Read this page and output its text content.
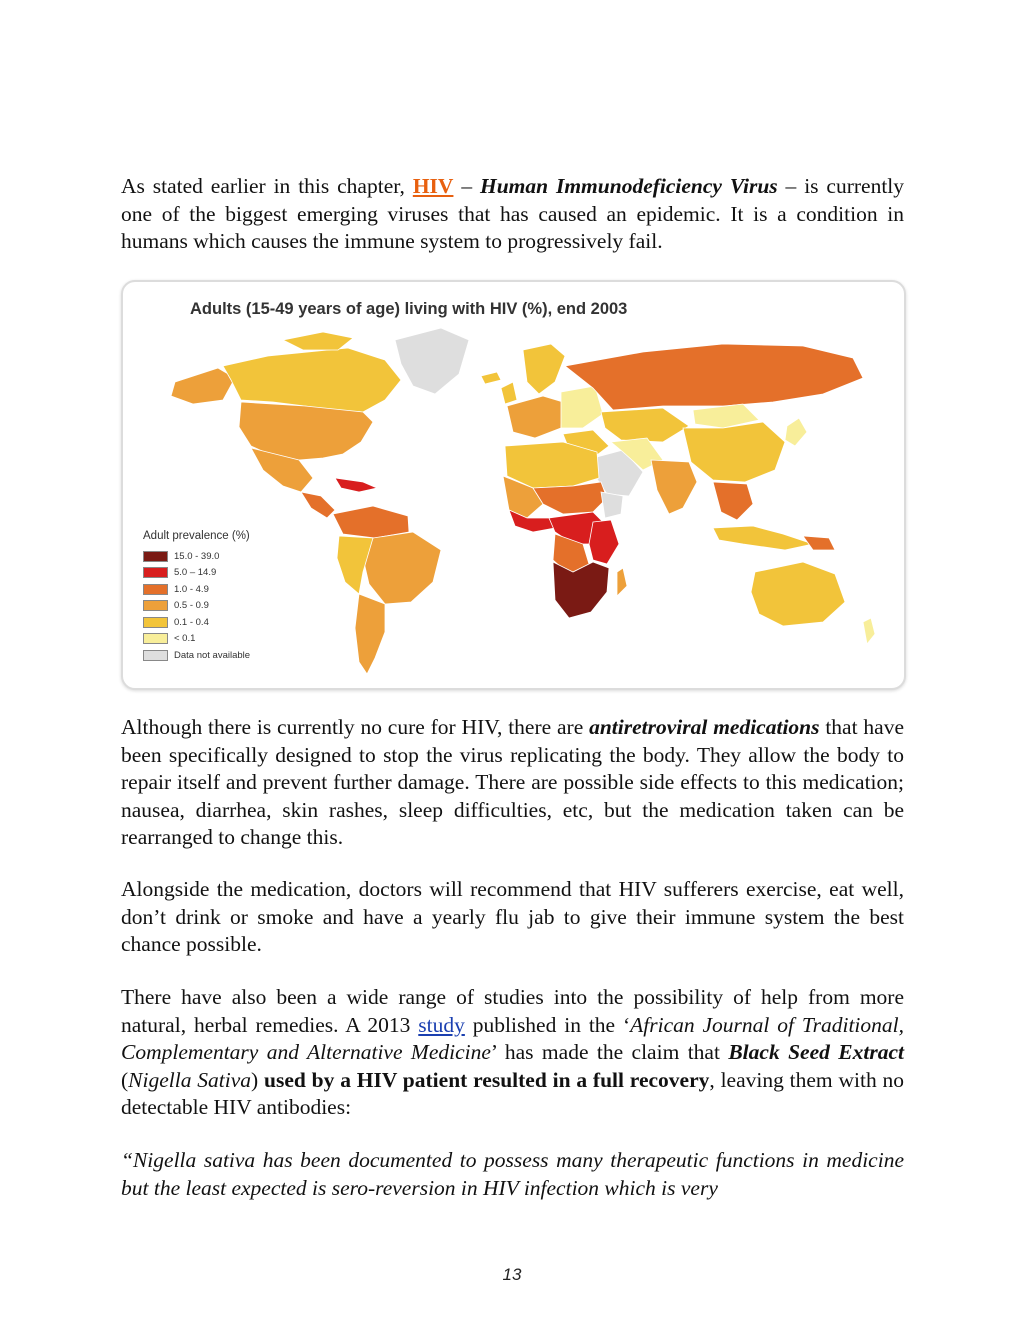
As stated earlier in this chapter, HIV – Human Immunodeficiency Virus – is currently one of the biggest emerging viruses that has caused an epidemic. It is a condition in humans which causes the immune system to progressively fail.

Adults (15-49 years of age) living with HIV (%), end 2003

Adult prevalence (%)

15.0 - 39.0
5.0 – 14.9
1.0 - 4.9
0.5 - 0.9
0.1 - 0.4
< 0.1
Data not available

Although there is currently no cure for HIV, there are antiretroviral medications that have been specifically designed to stop the virus replicating the body. They allow the body to repair itself and prevent further damage. There are possible side effects to this medication; nausea, diarrhea, skin rashes, sleep difficulties, etc, but the medication taken can be rearranged to change this.

Alongside the medication, doctors will recommend that HIV sufferers exercise, eat well, don’t drink or smoke and have a yearly flu jab to give their immune system the best chance possible.

There have also been a wide range of studies into the possibility of help from more natural, herbal remedies. A 2013 study published in the ‘African Journal of Traditional, Complementary and Alternative Medicine’ has made the claim that Black Seed Extract (Nigella Sativa) used by a HIV patient resulted in a full recovery, leaving them with no detectable HIV antibodies:

“Nigella sativa has been documented to possess many therapeutic functions in medicine but the least expected is sero-reversion in HIV infection which is very

13
